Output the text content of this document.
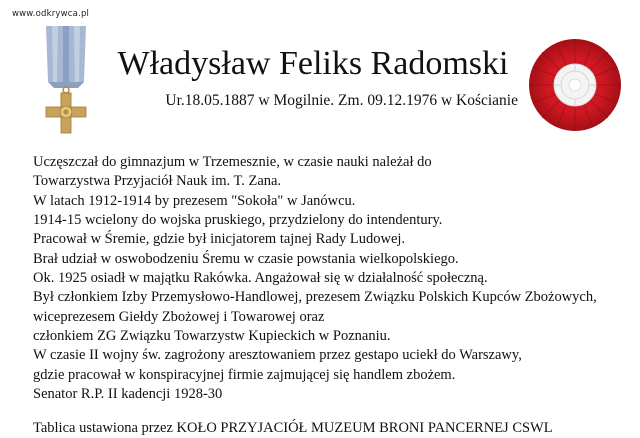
www.odkrywca.pl
Władysław Feliks Radomski
Ur.18.05.1887 w Mogilnie. Zm. 09.12.1976 w Kościanie
Uczęszczał do gimnazjum w Trzemesznie, w czasie nauki należał do
Towarzystwa Przyjaciół Nauk im. T. Zana.
W latach 1912-1914 by prezesem "Sokoła" w Janówcu.
1914-15 wcielony do wojska pruskiego, przydzielony do intendentury.
Pracował w Śremie, gdzie był inicjatorem tajnej Rady Ludowej.
Brał udział w oswobodzeniu Śremu w czasie powstania wielkopolskiego.
Ok. 1925 osiadł w majątku Rakówka. Angażował się w działalność społeczną.
Był członkiem Izby Przemysłowo-Handlowej, prezesem Związku Polskich Kupców Zbożowych,
wiceprezesem Giełdy Zbożowej i Towarowej oraz
członkiem ZG Związku Towarzystw Kupieckich w Poznaniu.
W czasie II wojny św. zagrożony aresztowaniem przez gestapo uciekł do Warszawy,
gdzie pracował w konspiracyjnej firmie zajmującej się handlem zbożem.
Senator R.P. II kadencji 1928-30
Tablica ustawiona przez KOŁO PRZYJACIÓŁ MUZEUM BRONI PANCERNEJ CSWL
